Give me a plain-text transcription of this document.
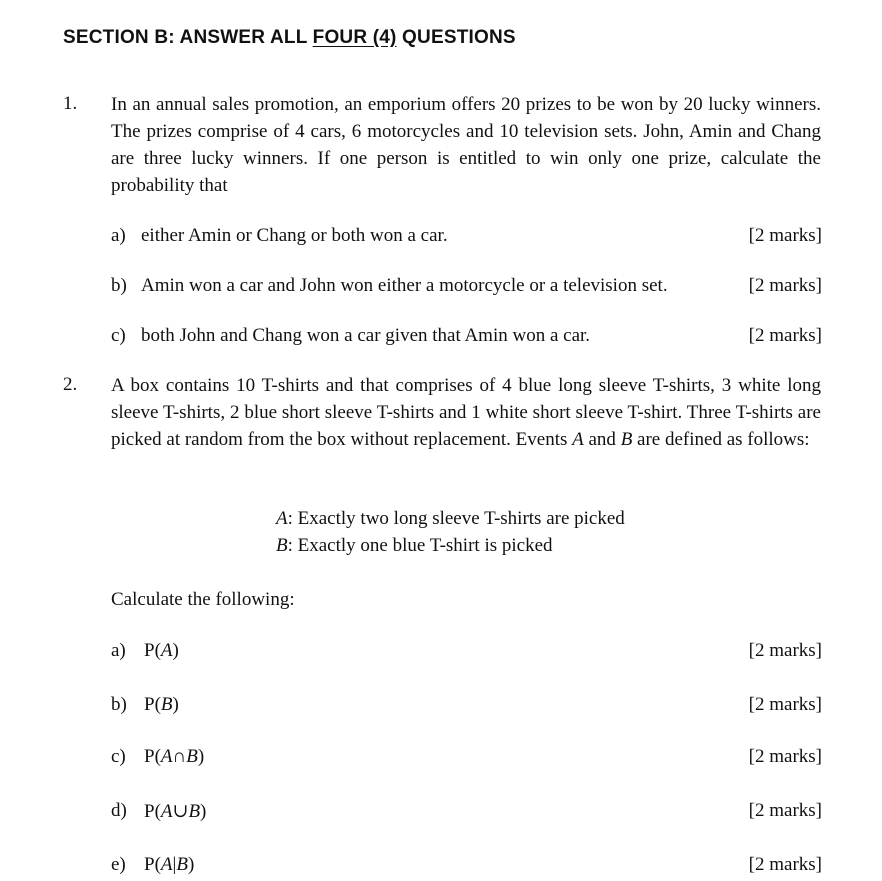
SECTION B: ANSWER ALL FOUR (4) QUESTIONS
1. In an annual sales promotion, an emporium offers 20 prizes to be won by 20 lucky winners. The prizes comprise of 4 cars, 6 motorcycles and 10 television sets. John, Amin and Chang are three lucky winners. If one person is entitled to win only one prize, calculate the probability that
a) either Amin or Chang or both won a car.	[2 marks]
b) Amin won a car and John won either a motorcycle or a television set.	[2 marks]
c) both John and Chang won a car given that Amin won a car.	[2 marks]
2. A box contains 10 T-shirts and that comprises of 4 blue long sleeve T-shirts, 3 white long sleeve T-shirts, 2 blue short sleeve T-shirts and 1 white short sleeve T-shirt. Three T-shirts are picked at random from the box without replacement. Events A and B are defined as follows:
A: Exactly two long sleeve T-shirts are picked
B: Exactly one blue T-shirt is picked
Calculate the following:
a) P(A)	[2 marks]
b) P(B)	[2 marks]
c) P(A∩B)	[2 marks]
d) P(A∪B)	[2 marks]
e) P(A|B)	[2 marks]
